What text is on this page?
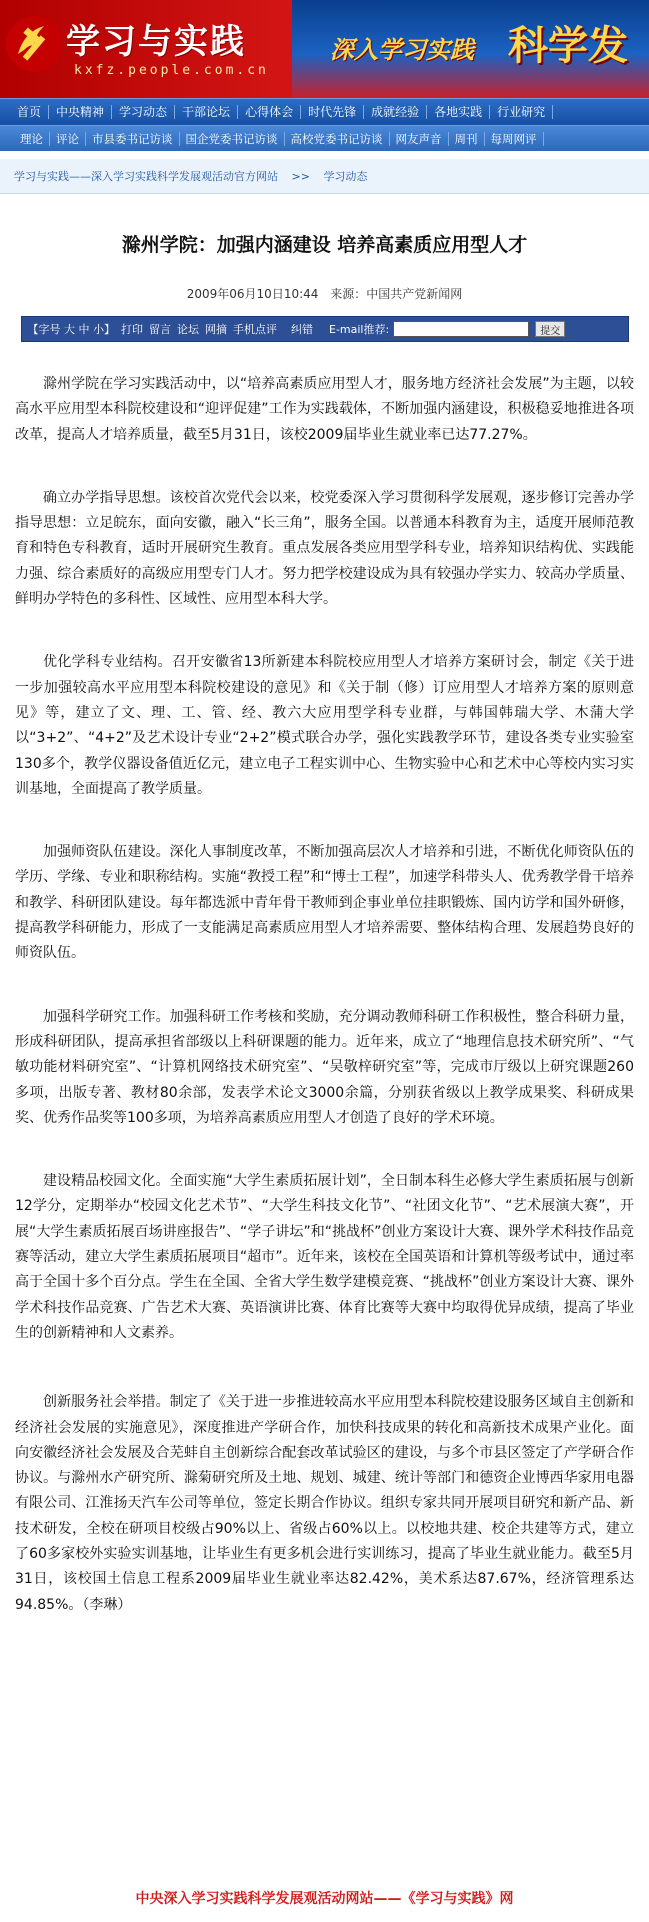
学习与实践
kxfz.people.com.cn
深入学习实践 科学发
首页	中央精神	学习动态	干部论坛	心得体会	时代先锋	成就经验	各地实践	行业研究
理论	评论	市县委书记访谈	国企党委书记访谈	高校党委书记访谈	网友声音	周刊	每周网评
学习与实践——深入学习实践科学发展观活动官方网站 >> 学习动态
滁州学院：加强内涵建设 培养高素质应用型人才
2009年06月10日10:44 来源：中国共产党新闻网
【字号 大 中 小】 打印 留言 论坛 网摘 手机点评 纠错 E-mail推荐:	提交

滁州学院在学习实践活动中，以“培养高素质应用型人才，服务地方经济社会发展”为主题，以较高水平应用型本科院校建设和“迎评促建”工作为实践载体，不断加强内涵建设，积极稳妥地推进各项改革，提高人才培养质量，截至5月31日，该校2009届毕业生就业率已达77.27%。

确立办学指导思想。该校首次党代会以来，校党委深入学习贯彻科学发展观，逐步修订完善办学指导思想：立足皖东，面向安徽，融入“长三角”，服务全国。以普通本科教育为主，适度开展师范教育和特色专科教育，适时开展研究生教育。重点发展各类应用型学科专业，培养知识结构优、实践能力强、综合素质好的高级应用型专门人才。努力把学校建设成为具有较强办学实力、较高办学质量、鲜明办学特色的多科性、区域性、应用型本科大学。

优化学科专业结构。召开安徽省13所新建本科院校应用型人才培养方案研讨会，制定《关于进一步加强较高水平应用型本科院校建设的意见》和《关于制（修）订应用型人才培养方案的原则意见》等，建立了文、理、工、管、经、教六大应用型学科专业群，与韩国韩瑞大学、木蒲大学以“3+2”、“4+2”及艺术设计专业“2+2”模式联合办学，强化实践教学环节，建设各类专业实验室130多个，教学仪器设备值近亿元，建立电子工程实训中心、生物实验中心和艺术中心等校内实习实训基地，全面提高了教学质量。

加强师资队伍建设。深化人事制度改革，不断加强高层次人才培养和引进，不断优化师资队伍的学历、学缘、专业和职称结构。实施“教授工程”和“博士工程”，加速学科带头人、优秀教学骨干培养和教学、科研团队建设。每年都选派中青年骨干教师到企事业单位挂职锻炼、国内访学和国外研修，提高教学科研能力，形成了一支能满足高素质应用型人才培养需要、整体结构合理、发展趋势良好的师资队伍。

加强科学研究工作。加强科研工作考核和奖励，充分调动教师科研工作积极性，整合科研力量，形成科研团队，提高承担省部级以上科研课题的能力。近年来，成立了“地理信息技术研究所”、“气敏功能材料研究室”、“计算机网络技术研究室”、“吴敬梓研究室”等，完成市厅级以上研究课题260多项，出版专著、教材80余部，发表学术论文3000余篇，分别获省级以上教学成果奖、科研成果奖、优秀作品奖等100多项，为培养高素质应用型人才创造了良好的学术环境。

建设精品校园文化。全面实施“大学生素质拓展计划”，全日制本科生必修大学生素质拓展与创新12学分，定期举办“校园文化艺术节”、“大学生科技文化节”、“社团文化节”、“艺术展演大赛”，开展“大学生素质拓展百场讲座报告”、“学子讲坛”和“挑战杯”创业方案设计大赛、课外学术科技作品竞赛等活动，建立大学生素质拓展项目“超市”。近年来，该校在全国英语和计算机等级考试中，通过率高于全国十多个百分点。学生在全国、全省大学生数学建模竞赛、“挑战杯”创业方案设计大赛、课外学术科技作品竞赛、广告艺术大赛、英语演讲比赛、体育比赛等大赛中均取得优异成绩，提高了毕业生的创新精神和人文素养。

创新服务社会举措。制定了《关于进一步推进较高水平应用型本科院校建设服务区域自主创新和经济社会发展的实施意见》，深度推进产学研合作，加快科技成果的转化和高新技术成果产业化。面向安徽经济社会发展及合芜蚌自主创新综合配套改革试验区的建设，与多个市县区签定了产学研合作协议。与滁州水产研究所、滁菊研究所及土地、规划、城建、统计等部门和德资企业博西华家用电器有限公司、江淮扬天汽车公司等单位，签定长期合作协议。组织专家共同开展项目研究和新产品、新技术研发，全校在研项目校级占90%以上、省级占60%以上。以校地共建、校企共建等方式，建立了60多家校外实验实训基地，让毕业生有更多机会进行实训练习，提高了毕业生就业能力。截至5月31日，该校国土信息工程系2009届毕业生就业率达82.42%，美术系达87.67%，经济管理系达94.85%。（李琳）

中央深入学习实践科学发展观活动网站——《学习与实践》网
